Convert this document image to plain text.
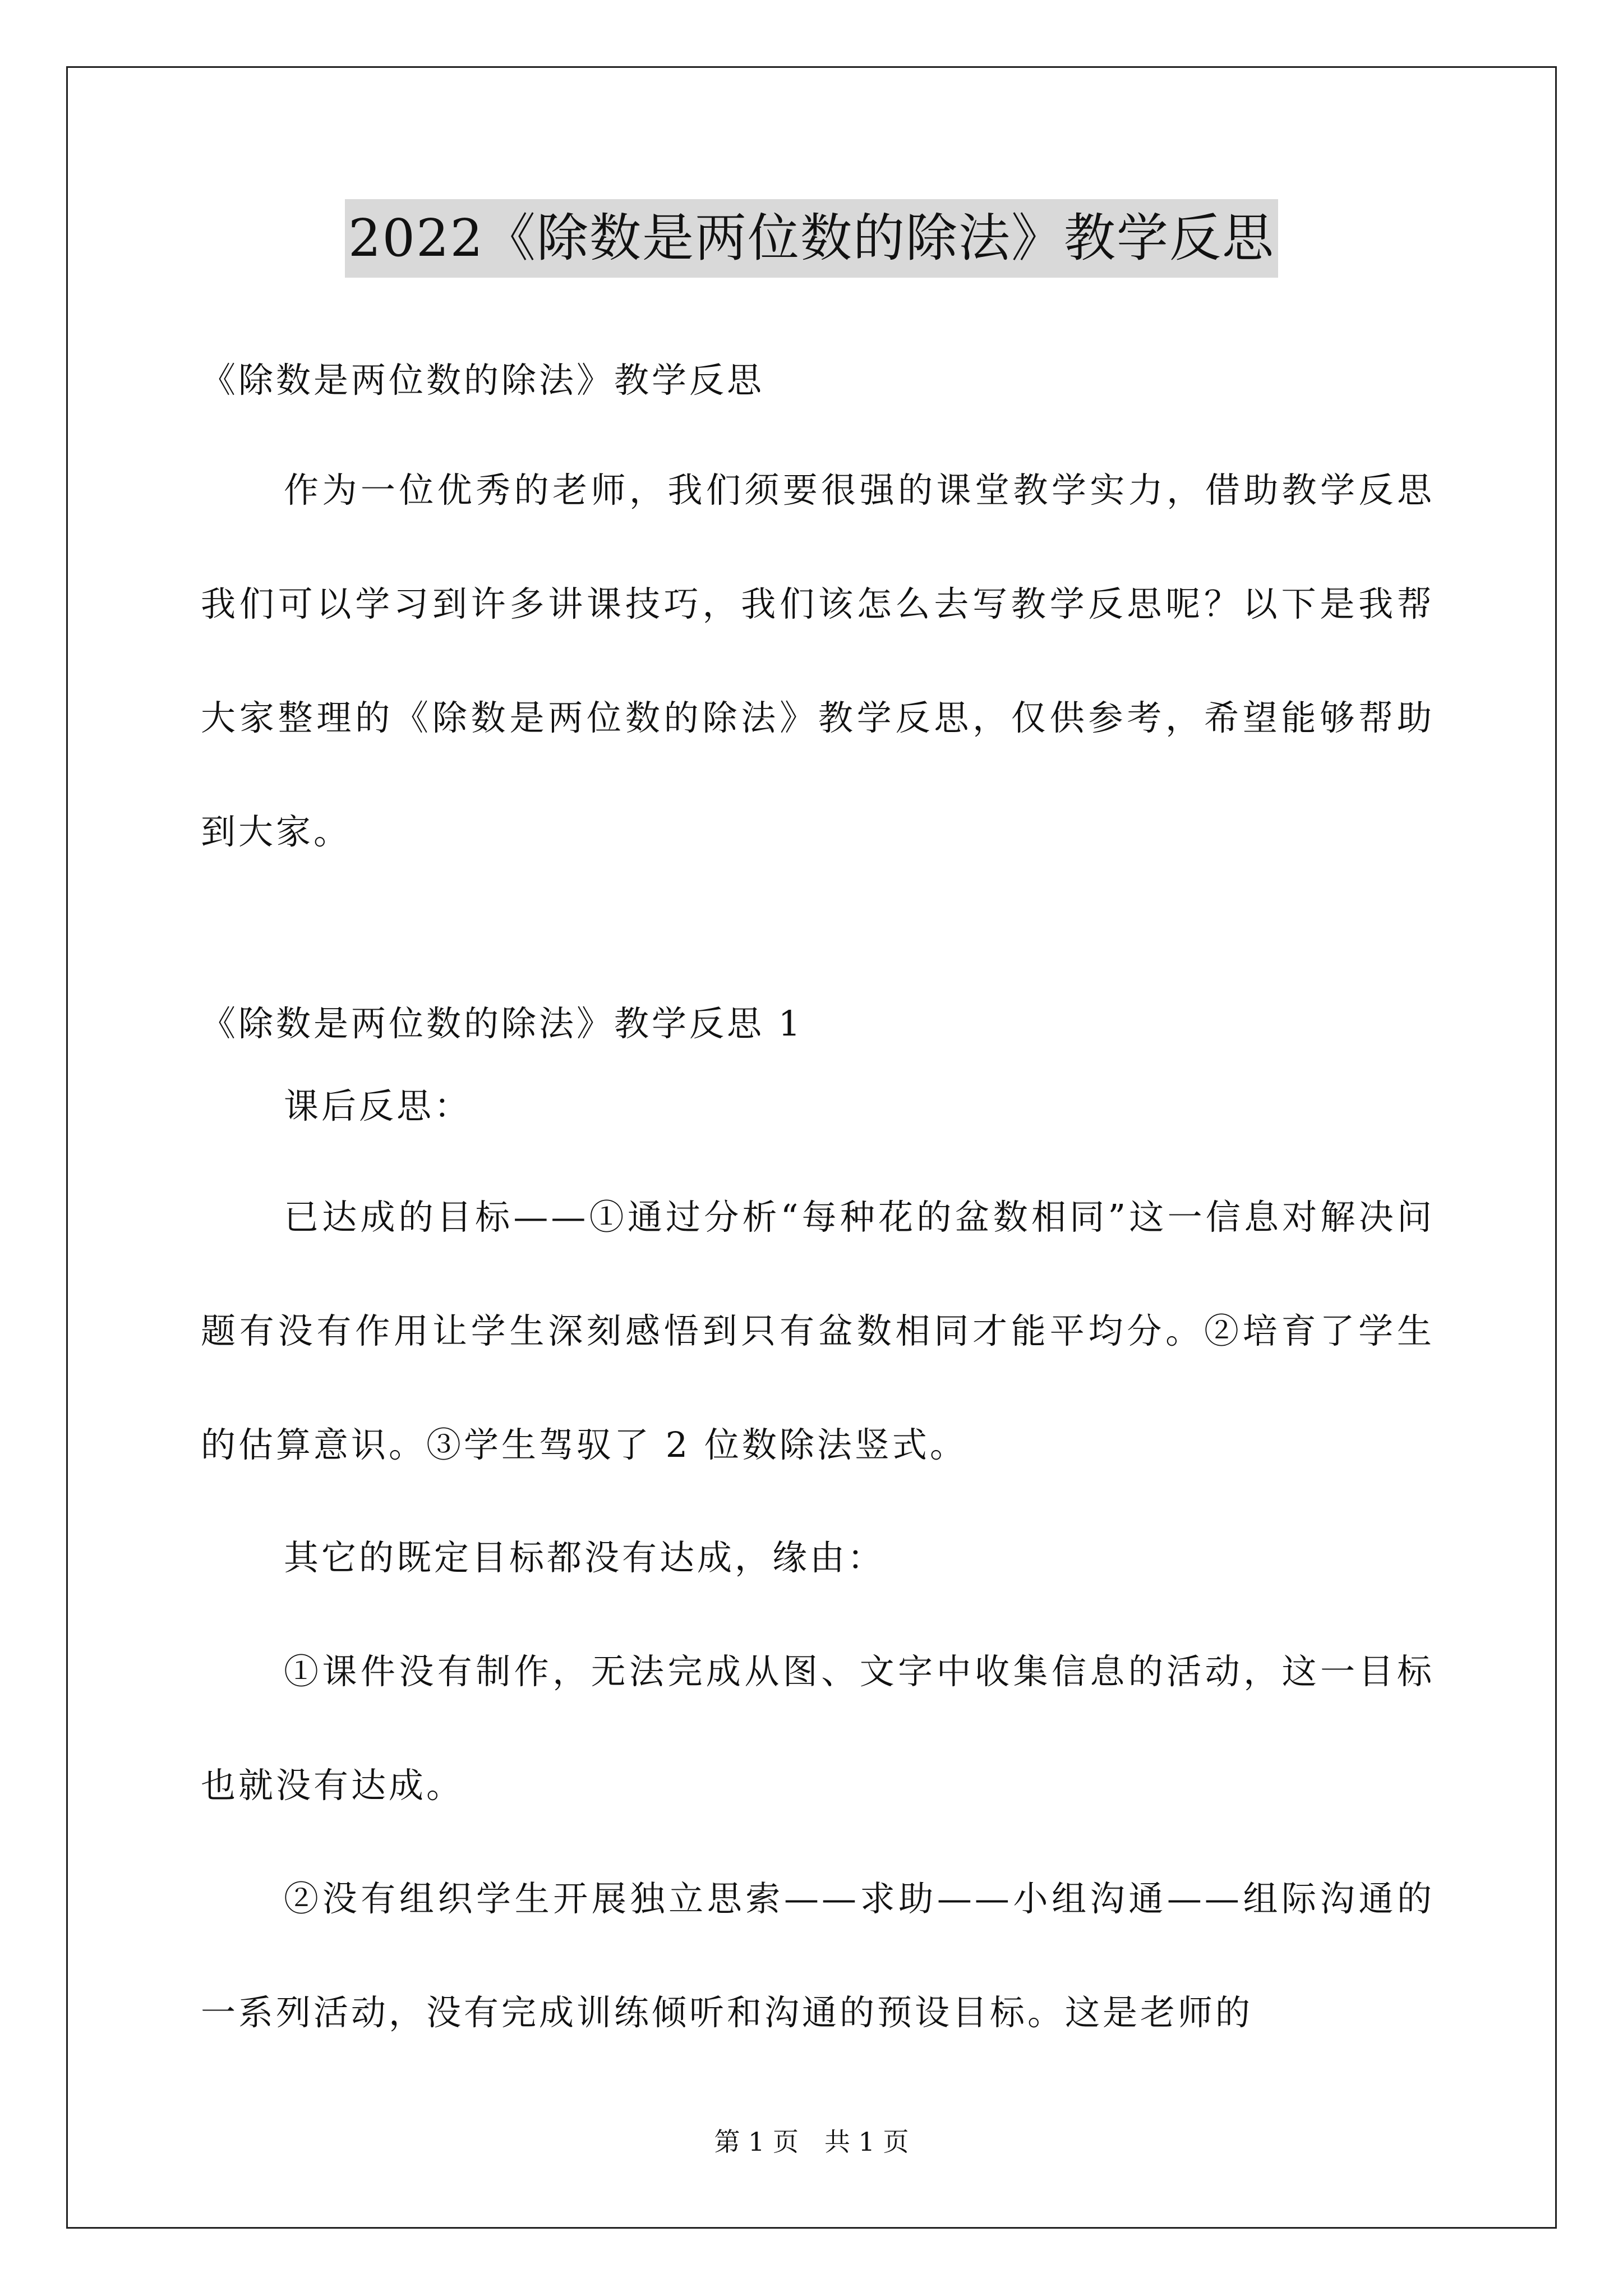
2022《除数是两位数的除法》教学反思
《除数是两位数的除法》教学反思
作为一位优秀的老师，我们须要很强的课堂教学实力，借助教学反思我们可以学习到许多讲课技巧，我们该怎么去写教学反思呢？以下是我帮大家整理的《除数是两位数的除法》教学反思，仅供参考，希望能够帮助到大家。
《除数是两位数的除法》教学反思 1
课后反思：
已达成的目标——①通过分析“每种花的盆数相同”这一信息对解决问题有没有作用让学生深刻感悟到只有盆数相同才能平均分。②培育了学生的估算意识。③学生驾驭了 2 位数除法竖式。
其它的既定目标都没有达成，缘由：
①课件没有制作，无法完成从图、文字中收集信息的活动，这一目标也就没有达成。
②没有组织学生开展独立思索——求助——小组沟通——组际沟通的一系列活动，没有完成训练倾听和沟通的预设目标。这是老师的
第 1 页　共 1 页
